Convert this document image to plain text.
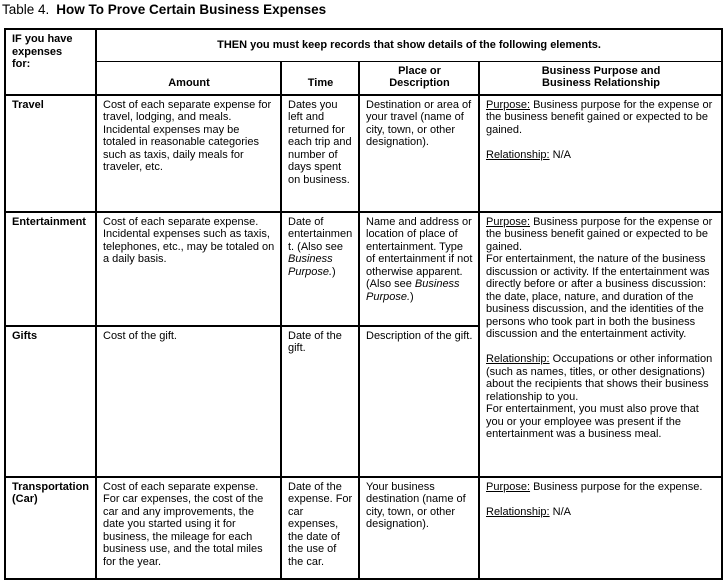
Table 4. How To Prove Certain Business Expenses
IF you have
expenses
for:	THEN you must keep records that show details of the following elements.			
	Amount	Time	Place or
Description	Business Purpose and
Business Relationship
Travel	Cost of each separate expense for travel, lodging, and meals. Incidental expenses may be totaled in reasonable categories such as taxis, daily meals for traveler, etc.	Dates you left and returned for each trip and number of days spent on business.	Destination or area of your travel (name of city, town, or other designation).	Purpose: Business purpose for the expense or the business benefit gained or expected to be gained.

Relationship: N/A
Entertainment	Cost of each separate expense. Incidental expenses such as taxis, telephones, etc., may be totaled on a daily basis.	Date of entertainment. (Also see Business Purpose.)	Name and address or location of place of entertainment. Type of entertainment if not otherwise apparent. (Also see Business Purpose.)	Purpose: Business purpose for the expense or the business benefit gained or expected to be gained.
For entertainment, the nature of the business discussion or activity. If the entertainment was directly before or after a business discussion: the date, place, nature, and duration of the business discussion, and the identities of the persons who took part in both the business discussion and the entertainment activity.

Relationship: Occupations or other information (such as names, titles, or other designations) about the recipients that shows their business relationship to you.
For entertainment, you must also prove that you or your employee was present if the entertainment was a business meal.
Gifts	Cost of the gift.	Date of the gift.	Description of the gift.	
Transportation
(Car)	Cost of each separate expense. For car expenses, the cost of the car and any improvements, the date you started using it for business, the mileage for each business use, and the total miles for the year.	Date of the expense. For car expenses, the date of the use of the car.	Your business destination (name of city, town, or other designation).	Purpose: Business purpose for the expense.

Relationship: N/A
